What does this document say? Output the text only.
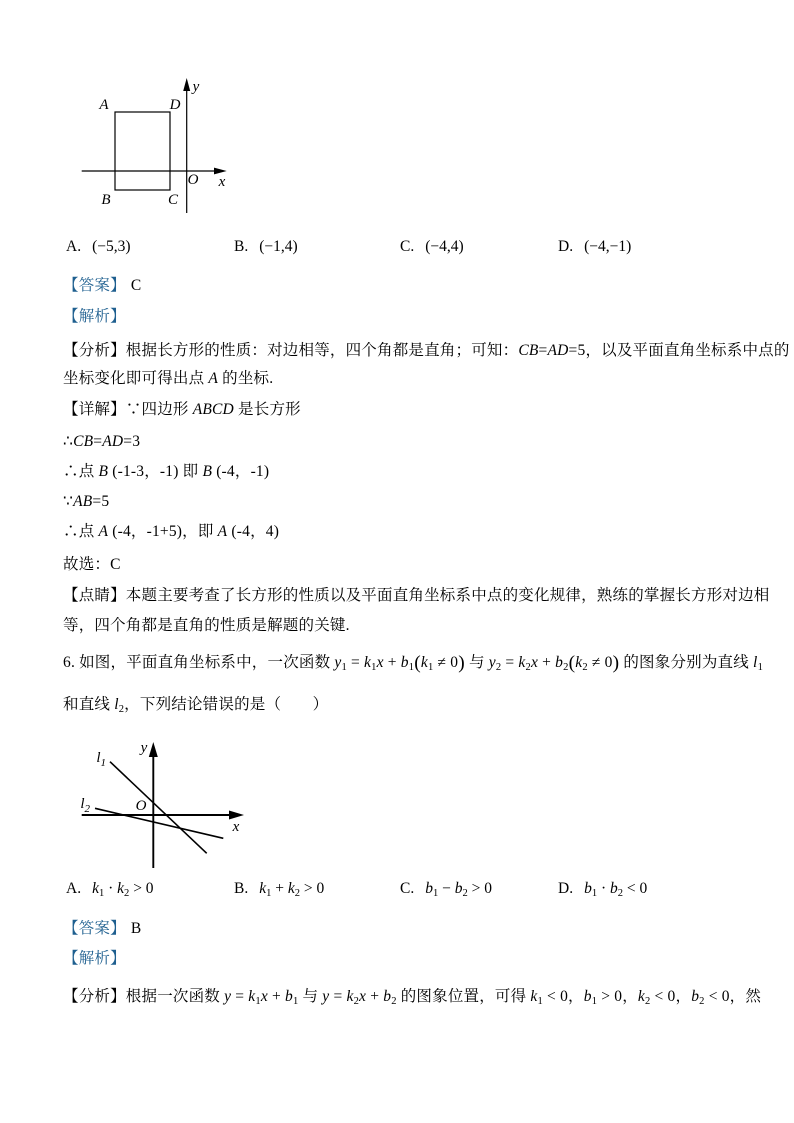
A	D
B	C
O x
y
A. (−5,3)	B. (−1,4)	C. (−4,4)	D. (−4,−1)
【答案】 C
【解析】
【分析】根据长方形的性质：对边相等，四个角都是直角；可知：CB=AD=5，以及平面直角坐标系中点的
坐标变化即可得出点 A 的坐标.
【详解】∵四边形 ABCD 是长方形
∴CB=AD=3
∴点 B (-1-3，-1) 即 B (-4，-1)
∵AB=5
∴点 A (-4，-1+5)，即 A (-4，4)
故选：C
【点睛】本题主要考查了长方形的性质以及平面直角坐标系中点的变化规律，熟练的掌握长方形对边相
等，四个角都是直角的性质是解题的关键.
6. 如图，平面直角坐标系中，一次函数 $y_1 = k_1x + b_1(k_1 \ne 0)$ 与 $y_2 = k_2x + b_2(k_2 \ne 0)$ 的图象分别为直线 $l_1$
和直线 $l_2$，下列结论错误的是（　　）
$l_1$
$l_2$	O
x
y
A. $k_1 \cdot k_2 > 0$	B. $k_1 + k_2 > 0$	C. $b_1 - b_2 > 0$	D. $b_1 \cdot b_2 < 0$
【答案】 B
【解析】
【分析】根据一次函数 $y = k_1x + b_1$ 与 $y = k_2x + b_2$ 的图象位置，可得 $k_1 < 0$，$b_1 > 0$，$k_2 < 0$，$b_2 < 0$，然
